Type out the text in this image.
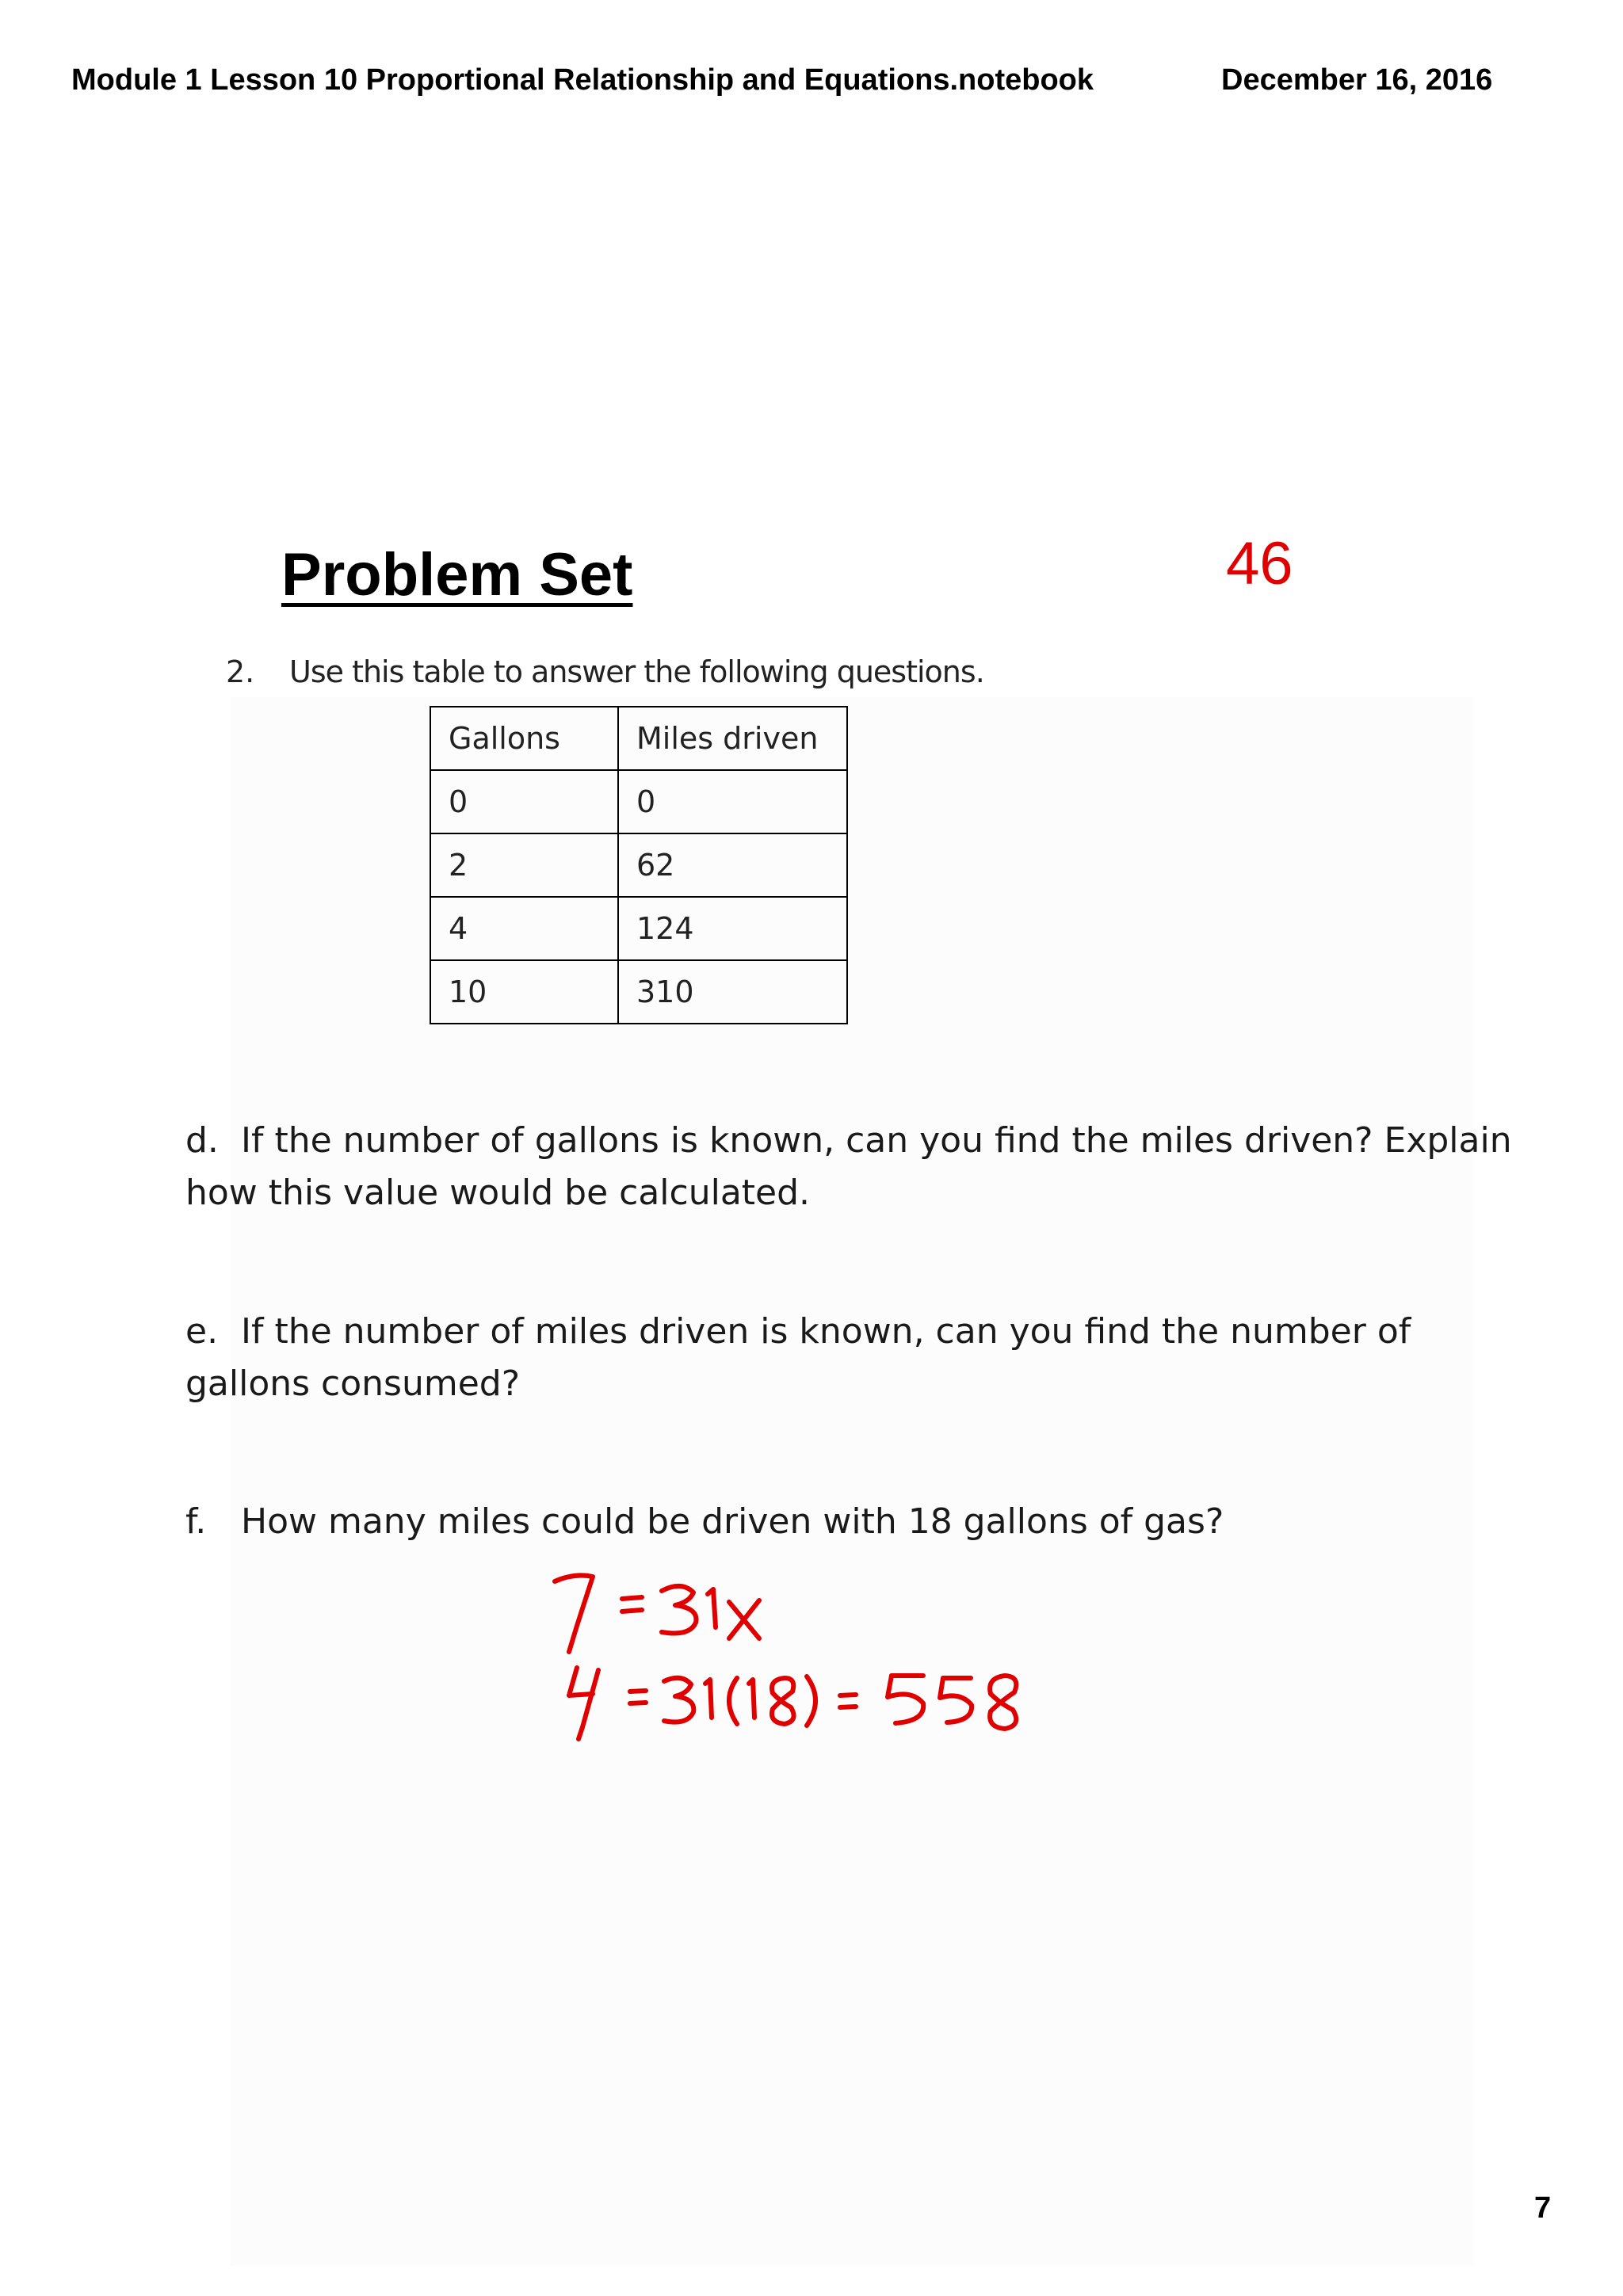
Module 1 Lesson 10 Proportional Relationship and Equations.notebook	December 16, 2016
Problem Set	46
2. Use this table to answer the following questions.
Gallons	Miles driven
0	0
2	62
4	124
10	310
d. If the number of gallons is known, can you find the miles driven? Explain
how this value would be calculated.
e. If the number of miles driven is known, can you find the number of
gallons consumed?
f. How many miles could be driven with 18 gallons of gas?
7
